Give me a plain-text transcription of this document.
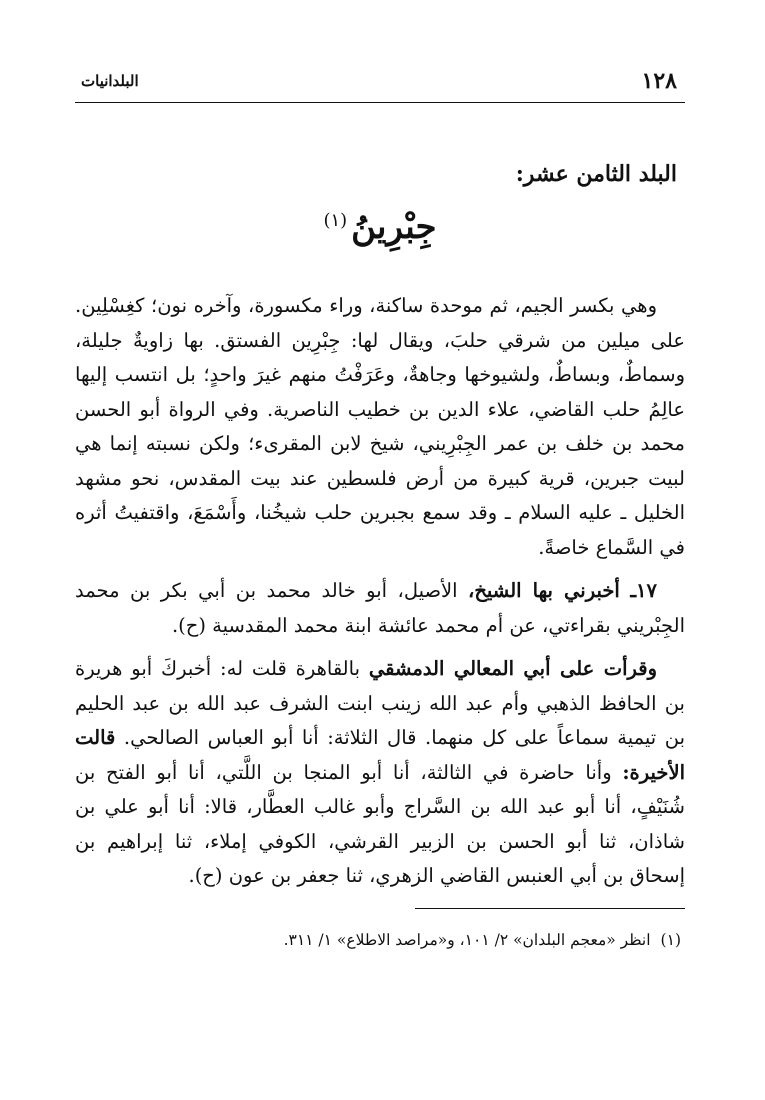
١٢٨
البلدانيات
البلد الثامن عشر:
جِبْرِينُ$^{(١)}$

وهي بكسر الجيم، ثم موحدة ساكنة، وراء مكسورة، وآخره نون؛ كغِسْلِين. على ميلين من شرقي حلبَ، ويقال لها: جِبْرِين الفستق. بها زاويةٌ جليلة، وسماطٌ، وبساطٌ، ولشيوخها وجاهةٌ، وعَرَفْتُ منهم غيرَ واحدٍ؛ بل انتسب إليها عالِمُ حلب القاضي، علاء الدين بن خطيب الناصرية. وفي الرواة أبو الحسن محمد بن خلف بن عمر الجِبْرِيني، شيخ لابن المقرىء؛ ولكن نسبته إنما هي لبيت جبرين، قرية كبيرة من أرض فلسطين عند بيت المقدس، نحو مشهد الخليل ـ عليه السلام ـ وقد سمع بجبرين حلب شيخُنا، وأَسْمَعَ، واقتفيتُ أثره في السَّماع خاصةً.

١٧ـ أخبرني بها الشيخ، الأصيل، أبو خالد محمد بن أبي بكر بن محمد الجِبْريني بقراءتي، عن أم محمد عائشة ابنة محمد المقدسية (ح).

وقرأت على أبي المعالي الدمشقي بالقاهرة قلت له: أخبركَ أبو هريرة بن الحافظ الذهبي وأم عبد الله زينب ابنت الشرف عبد الله بن عبد الحليم بن تيمية سماعاً على كل منهما. قال الثلاثة: أنا أبو العباس الصالحي. قالت الأخيرة: وأنا حاضرة في الثالثة، أنا أبو المنجا بن اللَّتي، أنا أبو الفتح بن شُنَيْفٍ، أنا أبو عبد الله بن السَّراج وأبو غالب العطَّار، قالا: أنا أبو علي بن شاذان، ثنا أبو الحسن بن الزبير القرشي، الكوفي إملاء، ثنا إبراهيم بن إسحاق بن أبي العنبس القاضي الزهري، ثنا جعفر بن عون (ح).

(١)انظر «معجم البلدان» ٢/ ١٠١، و«مراصد الاطلاع» ١/ ٣١١.
